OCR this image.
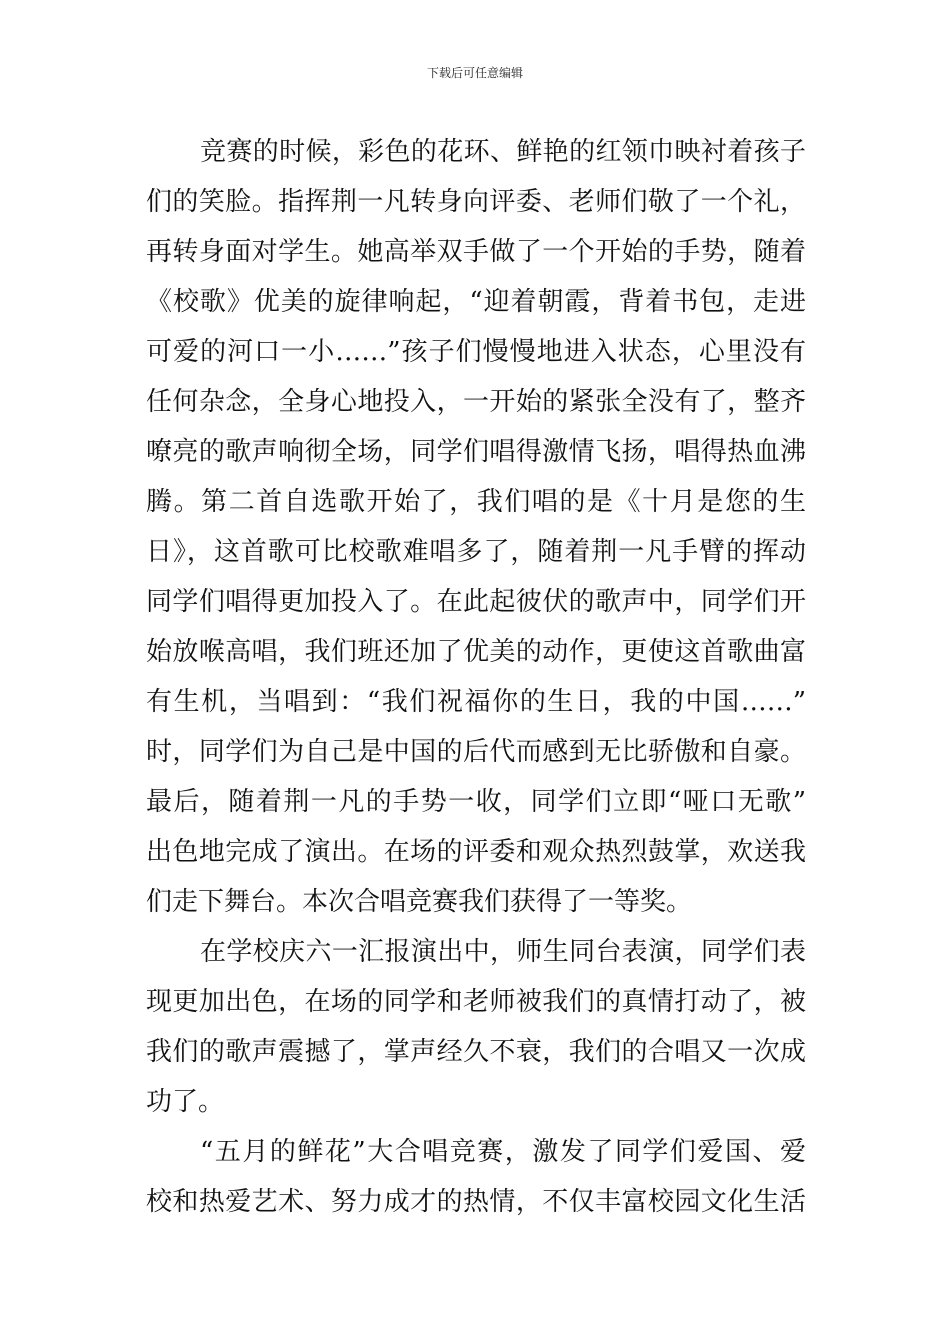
下载后可任意编辑
竞赛的时候，彩色的花环、鲜艳的红领巾映衬着孩子
们的笑脸。指挥荆一凡转身向评委、老师们敬了一个礼，
再转身面对学生。她高举双手做了一个开始的手势，随着
《校歌》优美的旋律响起，“迎着朝霞，背着书包，走进
可爱的河口一小……”孩子们慢慢地进入状态，心里没有
任何杂念，全身心地投入，一开始的紧张全没有了，整齐
嘹亮的歌声响彻全场，同学们唱得激情飞扬，唱得热血沸
腾。第二首自选歌开始了，我们唱的是《十月是您的生
日》，这首歌可比校歌难唱多了，随着荆一凡手臂的挥动
同学们唱得更加投入了。在此起彼伏的歌声中，同学们开
始放喉高唱，我们班还加了优美的动作，更使这首歌曲富
有生机，当唱到：“我们祝福你的生日，我的中国……”
时，同学们为自己是中国的后代而感到无比骄傲和自豪。
最后，随着荆一凡的手势一收，同学们立即“哑口无歌”
出色地完成了演出。在场的评委和观众热烈鼓掌，欢送我
们走下舞台。本次合唱竞赛我们获得了一等奖。
在学校庆六一汇报演出中，师生同台表演，同学们表
现更加出色，在场的同学和老师被我们的真情打动了，被
我们的歌声震撼了，掌声经久不衰，我们的合唱又一次成
功了。
“五月的鲜花”大合唱竞赛，激发了同学们爱国、爱
校和热爱艺术、努力成才的热情，不仅丰富校园文化生活
